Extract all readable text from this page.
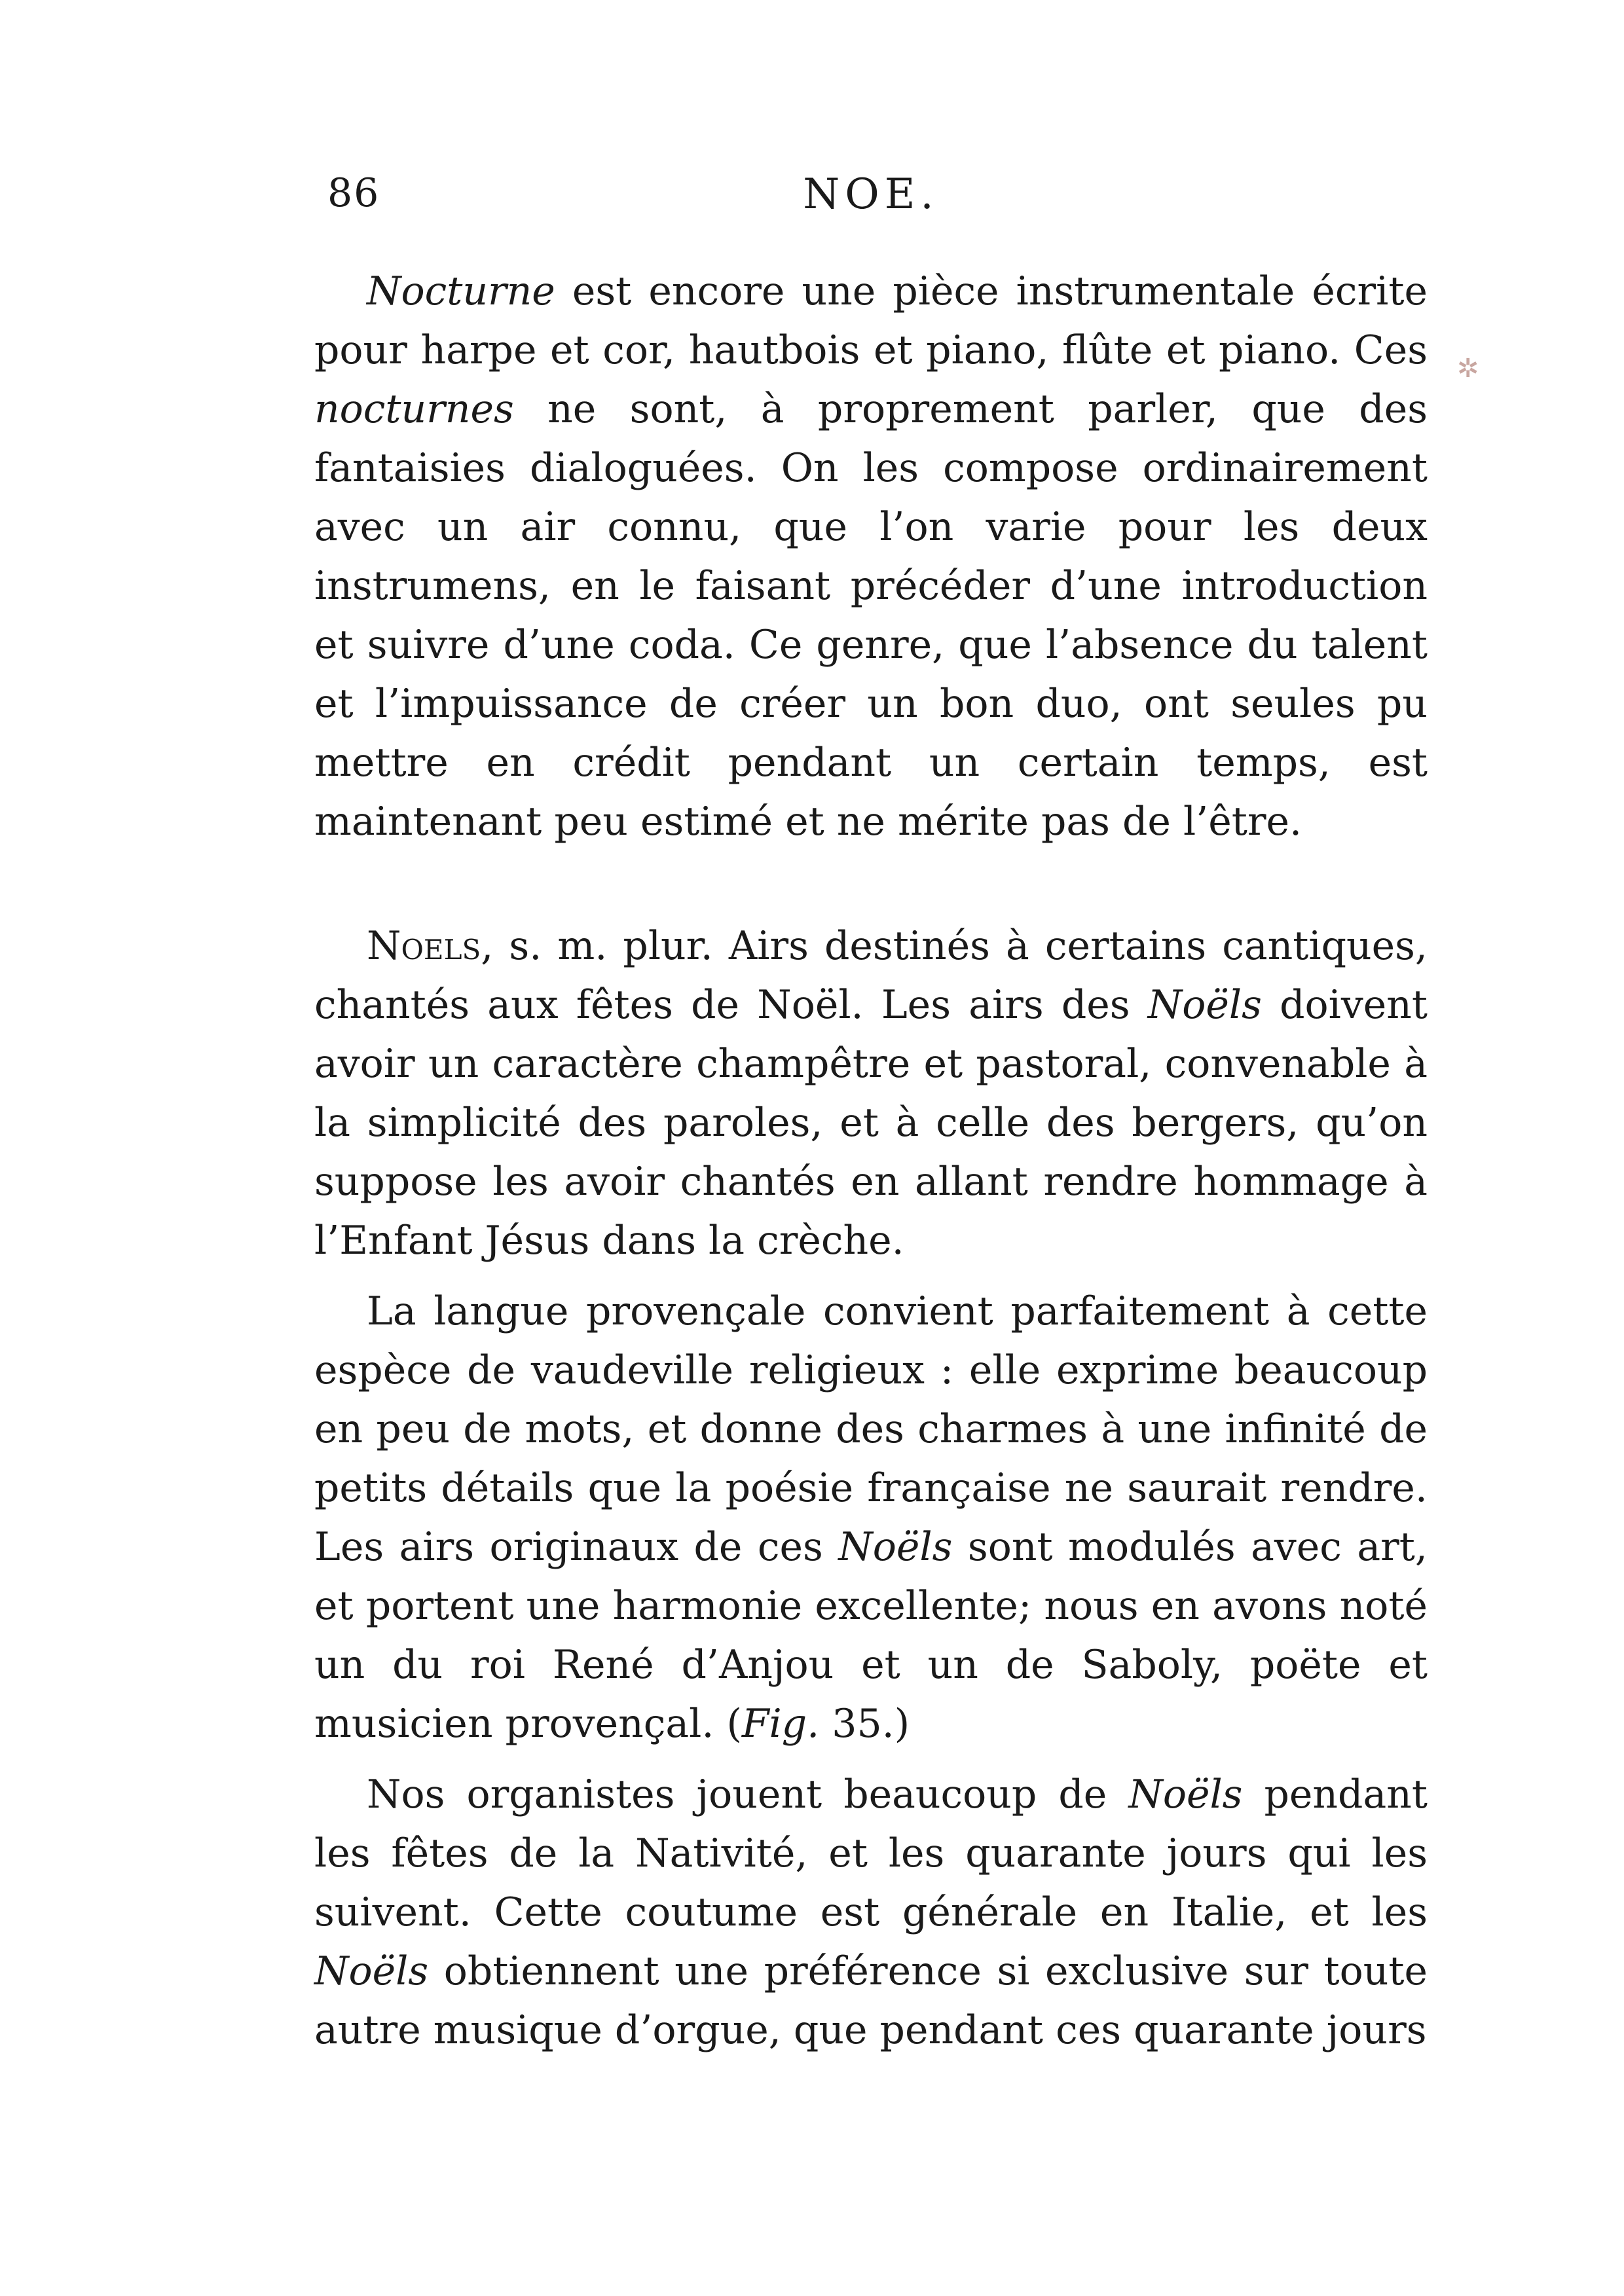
86	NOE.

Nocturne est encore une pièce instrumentale écrite pour harpe et cor, hautbois et piano, flûte et piano. Ces nocturnes ne sont, à proprement parler, que des fantaisies dialoguées. On les compose ordinairement avec un air connu, que l’on varie pour les deux instrumens, en le faisant précéder d’une introduction et suivre d’une coda. Ce genre, que l’absence du talent et l’impuissance de créer un bon duo, ont seules pu mettre en crédit pendant un certain temps, est maintenant peu estimé et ne mérite pas de l’être.

Noels, s. m. plur. Airs destinés à certains cantiques, chantés aux fêtes de Noël. Les airs des Noëls doivent avoir un caractère champêtre et pastoral, convenable à la simplicité des paroles, et à celle des bergers, qu’on suppose les avoir chantés en allant rendre hommage à l’Enfant Jésus dans la crèche.

La langue provençale convient parfaitement à cette espèce de vaudeville religieux : elle exprime beaucoup en peu de mots, et donne des charmes à une infinité de petits détails que la poésie française ne saurait rendre. Les airs originaux de ces Noëls sont modulés avec art, et portent une harmonie excellente; nous en avons noté un du roi René d’Anjou et un de Saboly, poëte et musicien provençal. (Fig. 35.)

Nos organistes jouent beaucoup de Noëls pendant les fêtes de la Nativité, et les quarante jours qui les suivent. Cette coutume est générale en Italie, et les Noëls obtiennent une préférence si exclusive sur toute autre musique d’orgue, que pendant ces quarante jours

✲
